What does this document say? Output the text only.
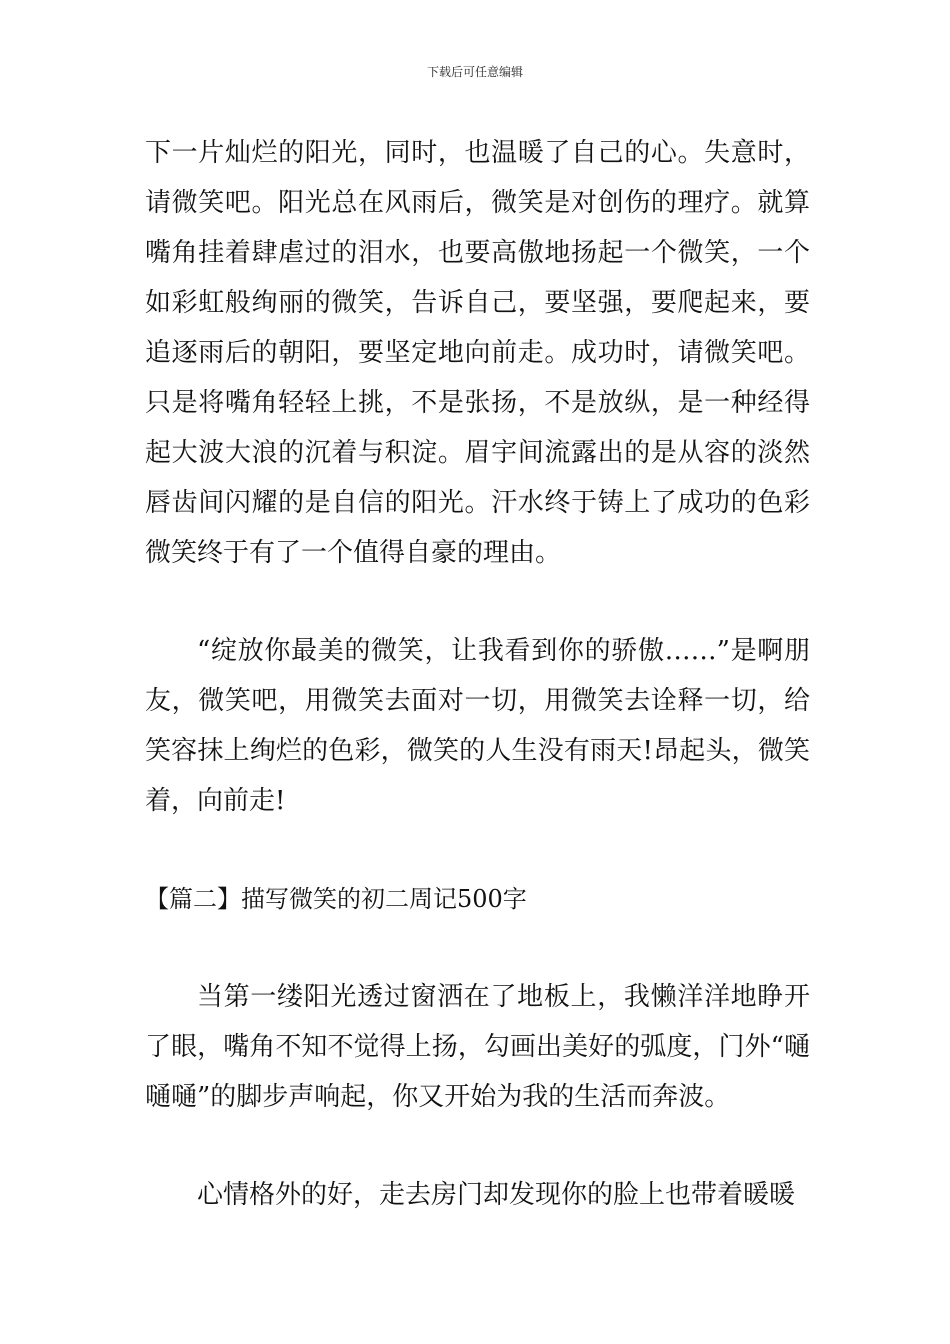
下载后可任意编辑

下一片灿烂的阳光，同时，也温暖了自己的心。失意时，请微笑吧。阳光总在风雨后，微笑是对创伤的理疗。就算嘴角挂着肆虐过的泪水，也要高傲地扬起一个微笑，一个如彩虹般绚丽的微笑，告诉自己，要坚强，要爬起来，要追逐雨后的朝阳，要坚定地向前走。成功时，请微笑吧。只是将嘴角轻轻上挑，不是张扬，不是放纵，是一种经得起大波大浪的沉着与积淀。眉宇间流露出的是从容的淡然唇齿间闪耀的是自信的阳光。汗水终于铸上了成功的色彩微笑终于有了一个值得自豪的理由。

“绽放你最美的微笑，让我看到你的骄傲……”是啊朋友，微笑吧，用微笑去面对一切，用微笑去诠释一切，给笑容抹上绚烂的色彩，微笑的人生没有雨天!昂起头，微笑着，向前走!

【篇二】描写微笑的初二周记500字

当第一缕阳光透过窗洒在了地板上，我懒洋洋地睁开了眼，嘴角不知不觉得上扬，勾画出美好的弧度，门外“嗵嗵嗵”的脚步声响起，你又开始为我的生活而奔波。

心情格外的好，走去房门却发现你的脸上也带着暖暖
